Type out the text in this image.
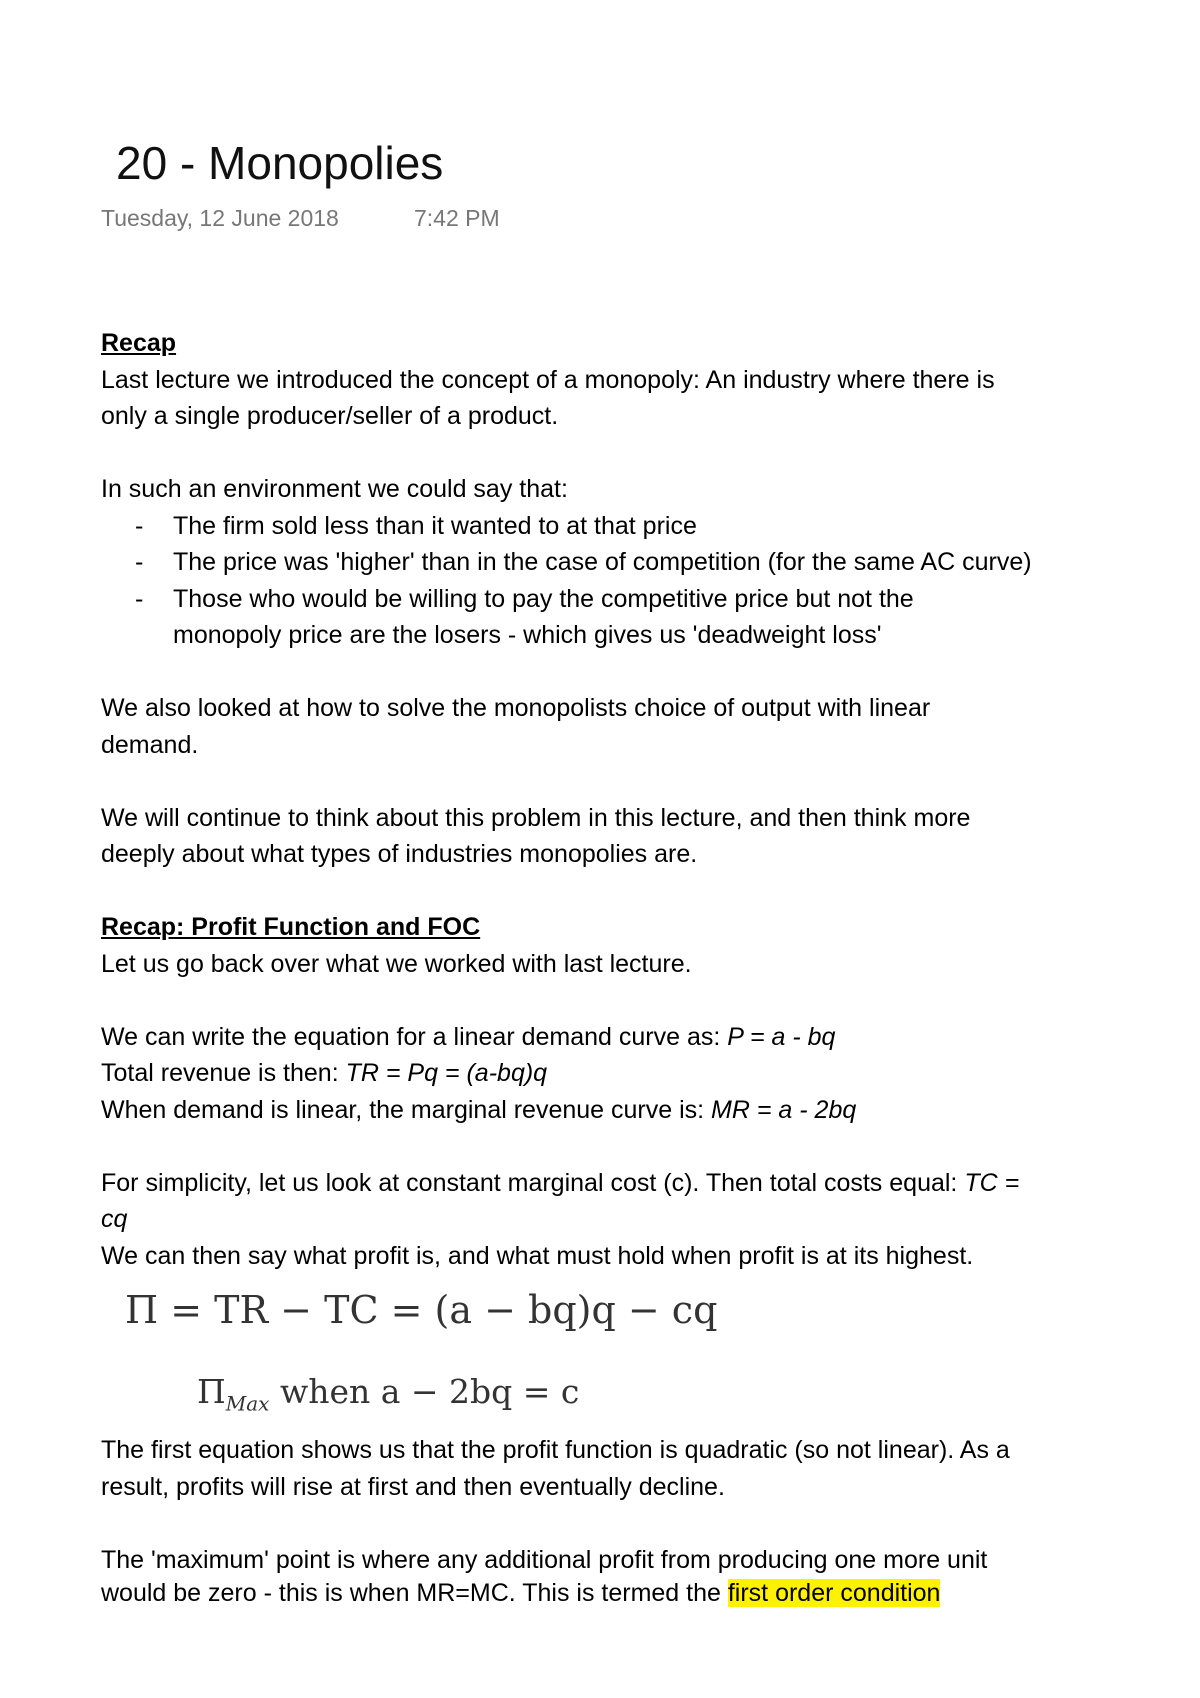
20 - Monopolies
Tuesday, 12 June 2018	7:42 PM

Recap

Last lecture we introduced the concept of a monopoly: An industry where there is

only a single producer/seller of a product.

In such an environment we could say that:

- The firm sold less than it wanted to at that price
- The price was 'higher' than in the case of competition (for the same AC curve)
- Those who would be willing to pay the competitive price but not the
monopoly price are the losers - which gives us 'deadweight loss'

We also looked at how to solve the monopolists choice of output with linear

demand.

We will continue to think about this problem in this lecture, and then think more

deeply about what types of industries monopolies are.

Recap: Profit Function and FOC

Let us go back over what we worked with last lecture.

We can write the equation for a linear demand curve as: P = a - bq

Total revenue is then: TR = Pq = (a-bq)q

When demand is linear, the marginal revenue curve is: MR = a - 2bq

For simplicity, let us look at constant marginal cost (c). Then total costs equal: TC =

cq

We can then say what profit is, and what must hold when profit is at its highest.

Π = TR − TC = (a − bq)q − cq
$\Pi_{Max}$ when a − 2bq = c

The first equation shows us that the profit function is quadratic (so not linear). As a

result, profits will rise at first and then eventually decline.

The 'maximum' point is where any additional profit from producing one more unit

would be zero - this is when MR=MC. This is termed the first order condition
